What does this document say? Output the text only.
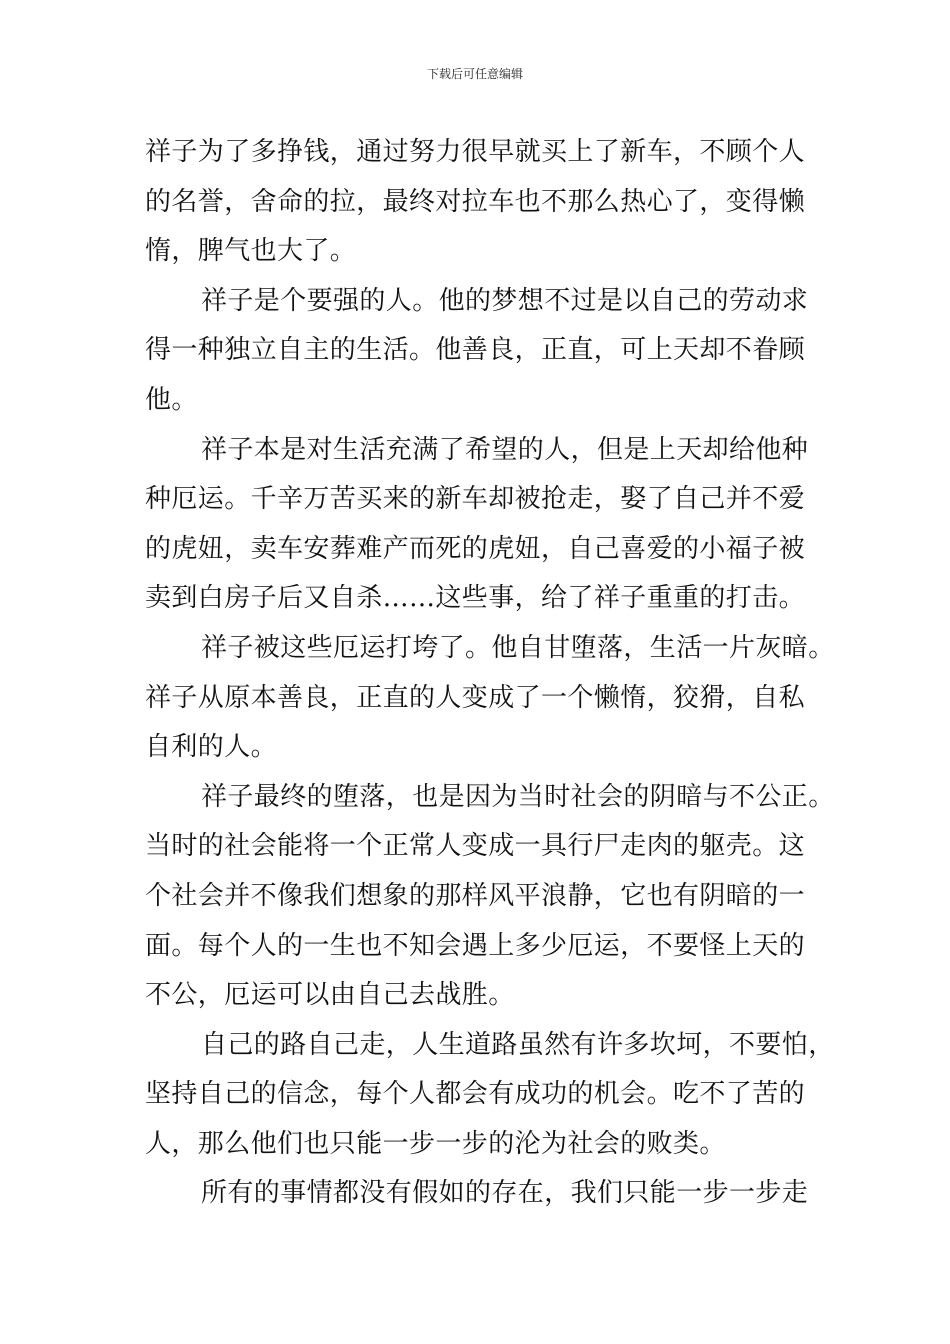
下载后可任意编辑
祥子为了多挣钱，通过努力很早就买上了新车，不顾个人
的名誉，舍命的拉，最终对拉车也不那么热心了，变得懒
惰，脾气也大了。
祥子是个要强的人。他的梦想不过是以自己的劳动求
得一种独立自主的生活。他善良，正直，可上天却不眷顾
他。
祥子本是对生活充满了希望的人，但是上天却给他种
种厄运。千辛万苦买来的新车却被抢走，娶了自己并不爱
的虎妞，卖车安葬难产而死的虎妞，自己喜爱的小福子被
卖到白房子后又自杀……这些事，给了祥子重重的打击。
祥子被这些厄运打垮了。他自甘堕落，生活一片灰暗。
祥子从原本善良，正直的人变成了一个懒惰，狡猾，自私
自利的人。
祥子最终的堕落，也是因为当时社会的阴暗与不公正。
当时的社会能将一个正常人变成一具行尸走肉的躯壳。这
个社会并不像我们想象的那样风平浪静，它也有阴暗的一
面。每个人的一生也不知会遇上多少厄运，不要怪上天的
不公，厄运可以由自己去战胜。
自己的路自己走，人生道路虽然有许多坎坷，不要怕，
坚持自己的信念，每个人都会有成功的机会。吃不了苦的
人，那么他们也只能一步一步的沦为社会的败类。
所有的事情都没有假如的存在，我们只能一步一步走
